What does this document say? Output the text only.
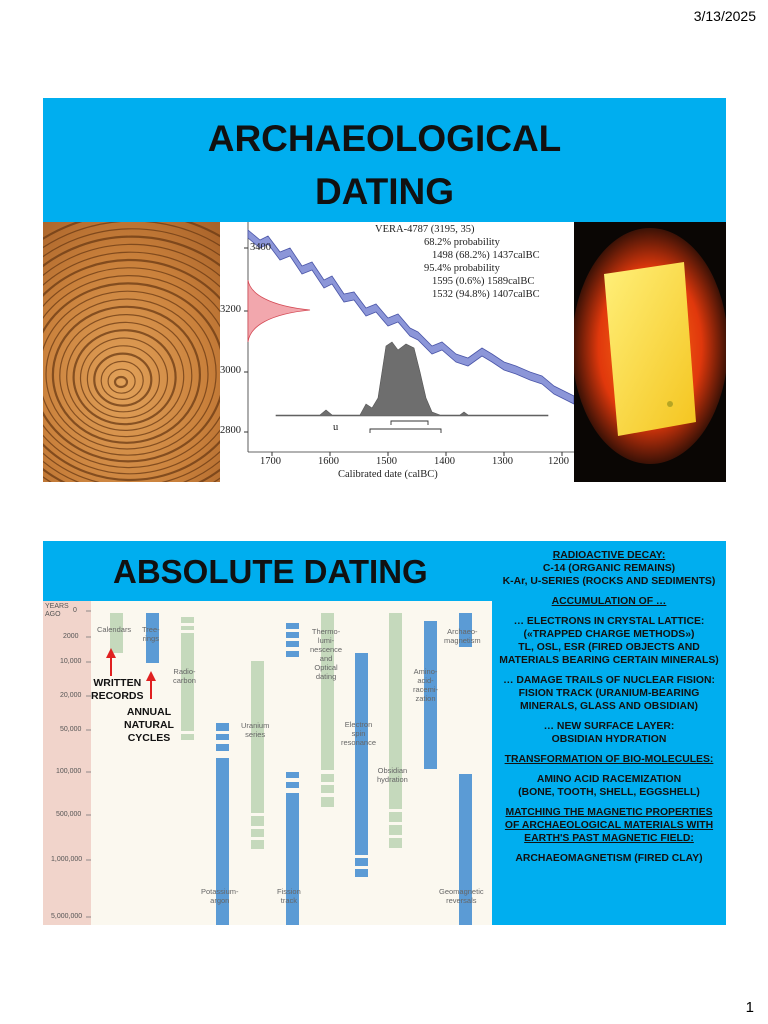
3/13/2025
ARCHAEOLOGICAL
DATING
3400
3200
3000
2800
1700	1600	1500	1400	1300	1200
Calibrated date (calBC)
VERA-4787 (3195, 35)
68.2% probability
1498 (68.2%) 1437calBC
95.4% probability
1595 (0.6%) 1589calBC
1532 (94.8%) 1407calBC
u
ABSOLUTE DATING
YEARS
AGO
0
2000
10,000
20,000
50,000
100,000
500,000
1,000,000
5,000,000
Calendars Tree-
rings
Radio-
carbon
Uranium
series
Potassium-
argon
Fission
track
Thermo-
lumi-
nescence
and
Optical
dating
Electron
spin
resonance
Obsidian
hydration
Amino-
acid-
racemi-
zation
Archaeo-
magnetism
Geomagnetic
reversals
WRITTEN
RECORDS
ANNUAL
NATURAL
CYCLES
RADIOACTIVE DECAY:
C-14 (ORGANIC REMAINS)
K-Ar, U-SERIES (ROCKS AND SEDIMENTS)
ACCUMULATION OF …
… ELECTRONS IN CRYSTAL LATTICE:
(«TRAPPED CHARGE METHODS»)
TL, OSL, ESR (FIRED OBJECTS AND
MATERIALS BEARING CERTAIN MINERALS)
… DAMAGE TRAILS OF NUCLEAR FISION:
FISION TRACK (URANIUM-BEARING
MINERALS, GLASS AND OBSIDIAN)
… NEW SURFACE LAYER:
OBSIDIAN HYDRATION
TRANSFORMATION OF BIO-MOLECULES:
AMINO ACID RACEMIZATION
(BONE, TOOTH, SHELL, EGGSHELL)
MATCHING THE MAGNETIC PROPERTIES
OF ARCHAEOLOGICAL MATERIALS WITH
EARTH'S PAST MAGNETIC FIELD:
ARCHAEOMAGNETISM (FIRED CLAY)
1
